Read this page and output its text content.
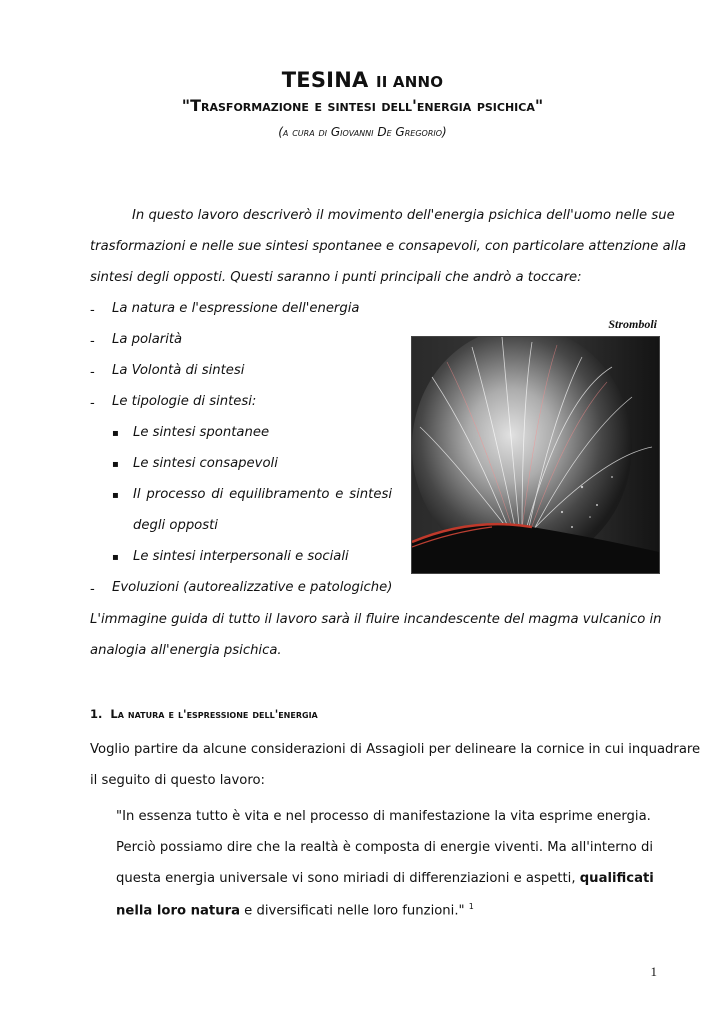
TESINA II ANNO
"Trasformazione e sintesi dell'energia psichica"
(a cura di Giovanni De Gregorio)
In questo lavoro descriverò il movimento dell'energia psichica dell'uomo nelle sue
trasformazioni e nelle sue sintesi spontanee e consapevoli, con particolare attenzione alla
sintesi degli opposti. Questi saranno i punti principali che andrò a toccare:
- La natura e l'espressione dell'energia
- La polarità
- La Volontà di sintesi
- Le tipologie di sintesi:
▪ Le sintesi spontanee
▪ Le sintesi consapevoli
▪ Il processo di equilibramento e sintesi
degli opposti
▪ Le sintesi interpersonali e sociali
- Evoluzioni (autorealizzative e patologiche)
Stromboli
L'immagine guida di tutto il lavoro sarà il fluire incandescente del magma vulcanico in
analogia all'energia psichica.
1. La natura e l'espressione dell'energia
Voglio partire da alcune considerazioni di Assagioli per delineare la cornice in cui inquadrare
il seguito di questo lavoro:
"In essenza tutto è vita e nel processo di manifestazione la vita esprime energia.
Perciò possiamo dire che la realtà è composta di energie viventi. Ma all'interno di
questa energia universale vi sono miriadi di differenziazioni e aspetti, qualificati
nella loro natura e diversificati nelle loro funzioni." $^1$
1
